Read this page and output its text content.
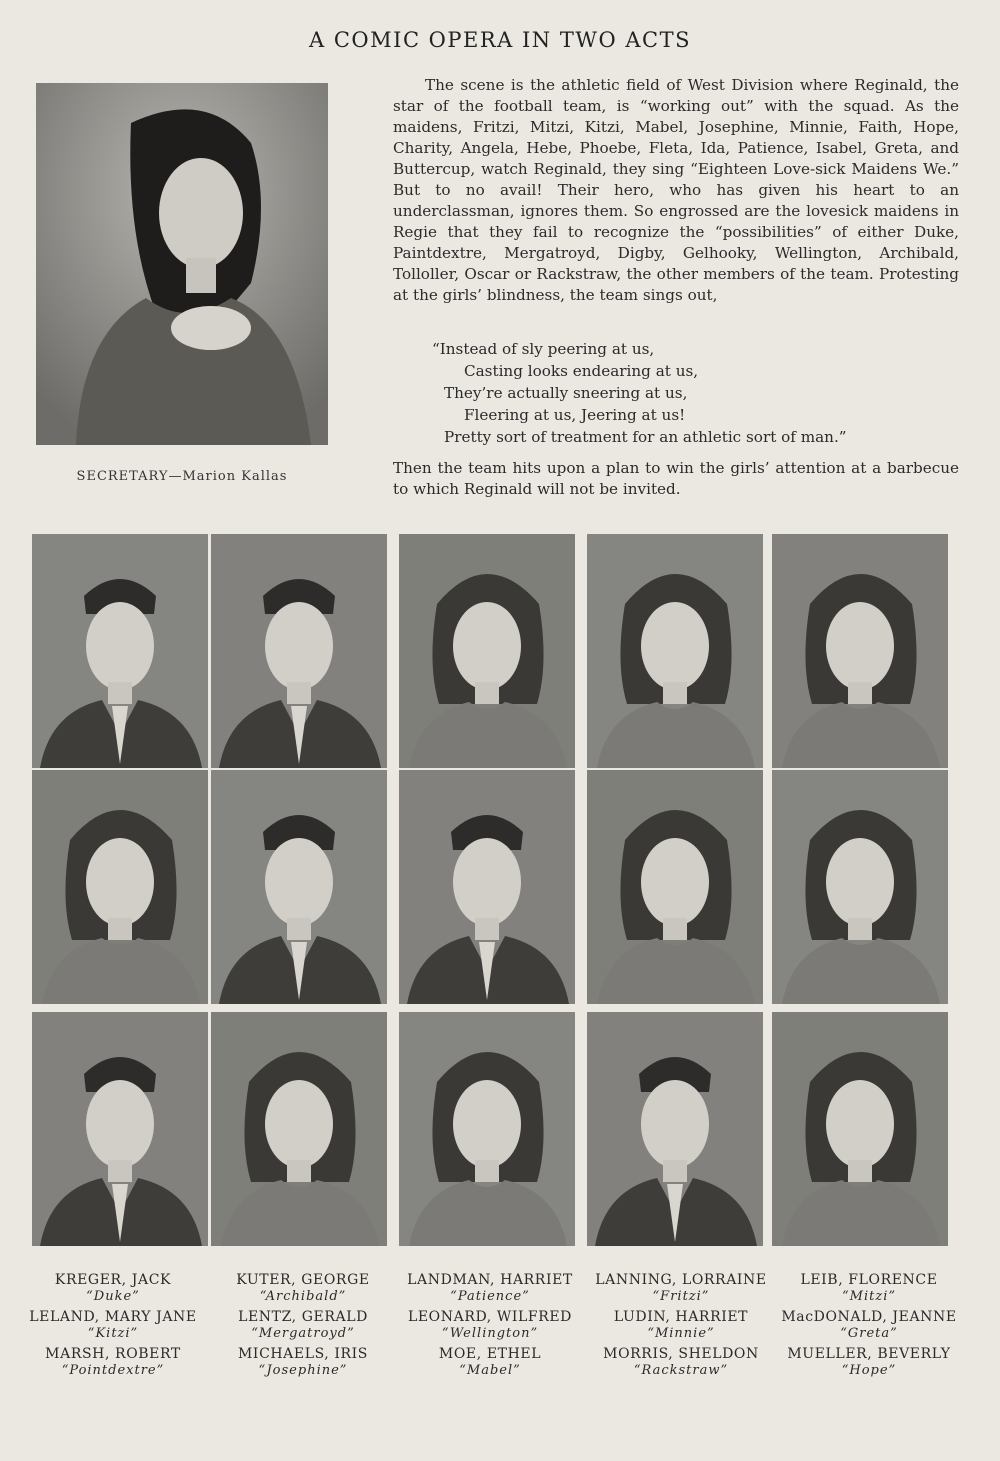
A COMIC OPERA IN TWO ACTS
SECRETARY—Marion Kallas

The scene is the athletic field of West Division where Reginald, the star of the football team, is “working out” with the squad. As the maidens, Fritzi, Mitzi, Kitzi, Mabel, Josephine, Minnie, Faith, Hope, Charity, Angela, Hebe, Phoebe, Fleta, Ida, Patience, Isabel, Greta, and Buttercup, watch Reginald, they sing “Eighteen Love-sick Maidens We.” But to no avail! Their hero, who has given his heart to an underclassman, ignores them. So engrossed are the lovesick maidens in Regie that they fail to recognize the “possibilities” of either Duke, Paintdextre, Mergatroyd, Digby, Gelhooky, Wellington, Archibald, Tolloller, Oscar or Rackstraw, the other members of the team. Protesting at the girls’ blindness, the team sings out,

“Instead of sly peering at us,
Casting looks endearing at us,
They’re actually sneering at us,
Fleering at us, Jeering at us!
Pretty sort of treatment for an athletic sort of man.”

Then the team hits upon a plan to win the girls’ attention at a barbecue to which Reginald will not be invited.

KREGER, JACK
“Duke”
LELAND, MARY JANE
“Kitzi”
MARSH, ROBERT
“Pointdextre”
KUTER, GEORGE
“Archibald”
LENTZ, GERALD
“Mergatroyd”
MICHAELS, IRIS
“Josephine”
LANDMAN, HARRIET
“Patience”
LEONARD, WILFRED
“Wellington”
MOE, ETHEL
“Mabel”
LANNING, LORRAINE
“Fritzi”
LUDIN, HARRIET
“Minnie”
MORRIS, SHELDON
“Rackstraw”
LEIB, FLORENCE
“Mitzi”
MacDONALD, JEANNE
“Greta”
MUELLER, BEVERLY
“Hope”
